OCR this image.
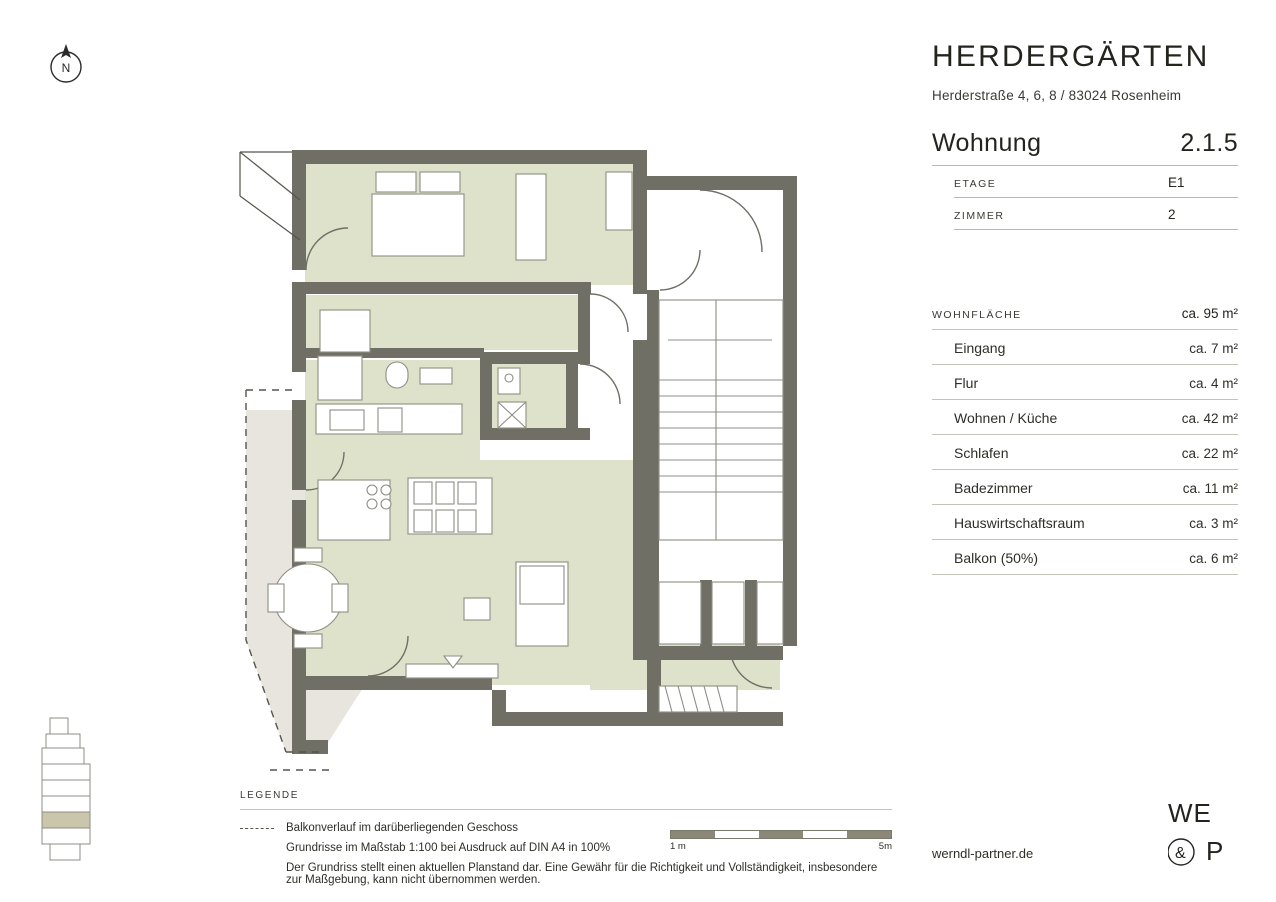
N	HERDERGÄRTEN
Herderstraße 4, 6, 8 / 83024 Rosenheim
Wohnung	2.1.5
ETAGE	E1
ZIMMER	2
WOHNFLÄCHE	ca. 95 m²
Eingang	ca. 7 m²
Flur	ca. 4 m²
Wohnen / Küche	ca. 42 m²
Schlafen	ca. 22 m²
Badezimmer	ca. 11 m²
Hauswirtschaftsraum	ca. 3 m²
Balkon (50%)	ca. 6 m²
LEGENDE
Balkonverlauf im darüberliegenden Geschoss
Grundrisse im Maßstab 1:100 bei Ausdruck auf DIN A4 in 100%
Der Grundriss stellt einen aktuellen Planstand dar. Eine Gewähr für die Richtigkeit und Vollständigkeit, insbesondere zur Maßgebung, kann nicht übernommen werden.
1 m	5m	werndl-partner.de
WE
& P
